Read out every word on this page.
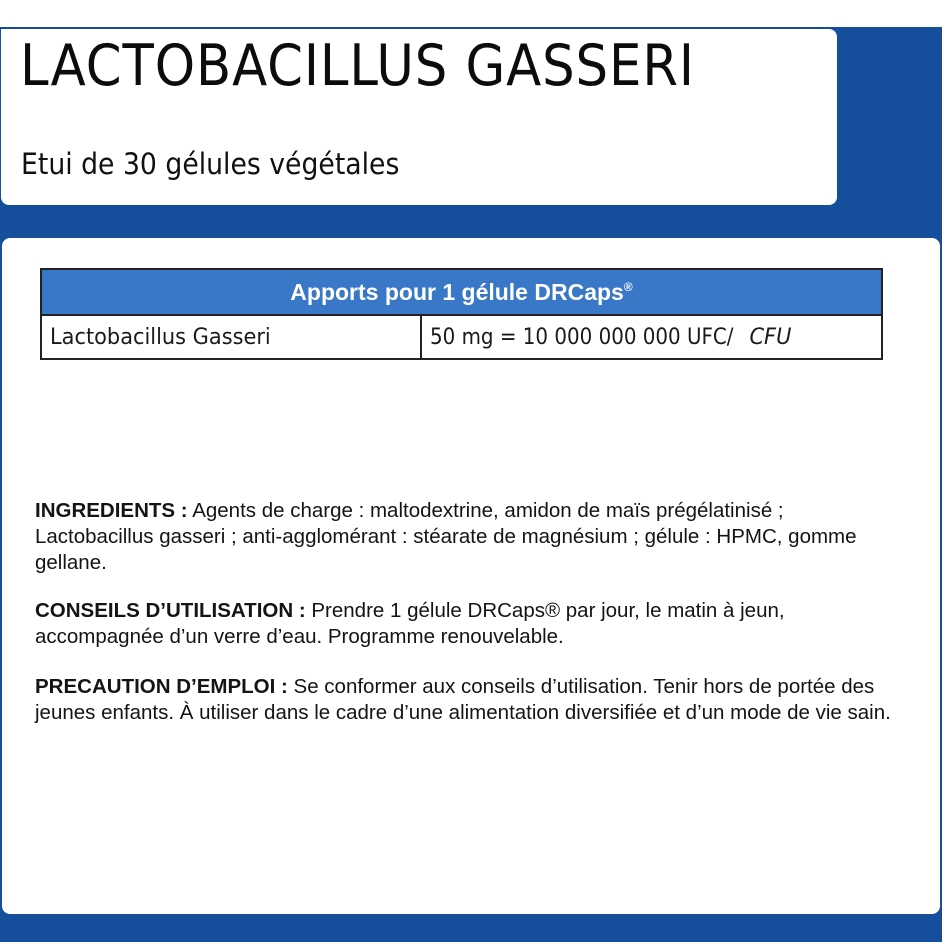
LACTOBACILLUS GASSERI
Etui de 30 gélules végétales
Apports pour 1 gélule DRCaps®
Lactobacillus Gasseri	50 mg = 10 000 000 000 UFC/ CFU

INGREDIENTS : Agents de charge : maltodextrine, amidon de maïs prégélatinisé ; Lactobacillus gasseri ; anti-agglomérant : stéarate de magnésium ; gélule : HPMC, gomme gellane.

CONSEILS D’UTILISATION : Prendre 1 gélule DRCaps® par jour, le matin à jeun, accompagnée d’un verre d’eau. Programme renouvelable.

PRECAUTION D’EMPLOI : Se conformer aux conseils d’utilisation. Tenir hors de portée des jeunes enfants. À utiliser dans le cadre d’une alimentation diversifiée et d’un mode de vie sain.
